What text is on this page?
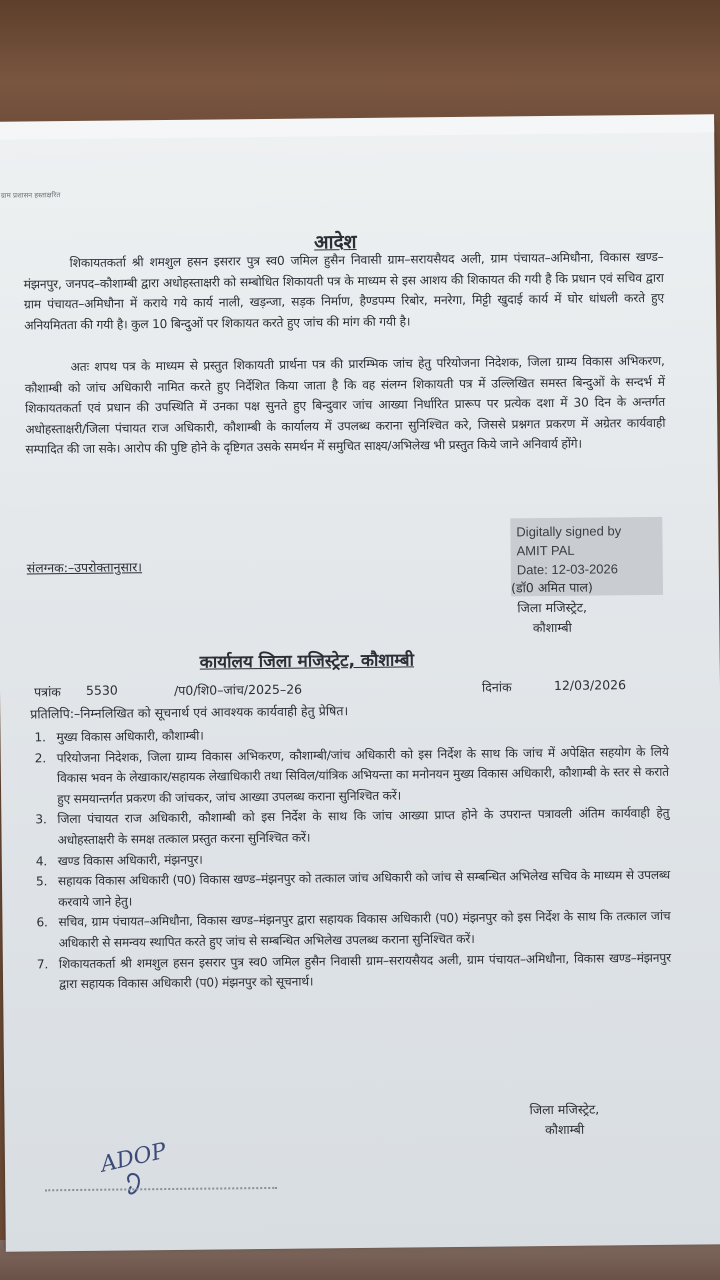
ग्राम प्रशासन हस्ताक्षरित
आदेश
शिकायतकर्ता श्री शमशुल हसन इसरार पुत्र स्व0 जमिल हुसैन निवासी ग्राम–सरायसैयद अली, ग्राम पंचायत–अमिधौना, विकास खण्ड–मंझनपुर, जनपद–कौशाम्बी द्वारा अधोहस्ताक्षरी को सम्बोधित शिकायती पत्र के माध्यम से इस आशय की शिकायत की गयी है कि प्रधान एवं सचिव द्वारा ग्राम पंचायत–अमिधौना में कराये गये कार्य नाली, खड़न्जा, सड़क निर्माण, हैण्डपम्प रिबोर, मनरेगा, मिट्टी खुदाई कार्य में घोर धांधली करते हुए अनियमितता की गयी है। कुल 10 बिन्दुओं पर शिकायत करते हुए जांच की मांग की गयी है।
अतः शपथ पत्र के माध्यम से प्रस्तुत शिकायती प्रार्थना पत्र की प्रारम्भिक जांच हेतु परियोजना निदेशक, जिला ग्राम्य विकास अभिकरण, कौशाम्बी को जांच अधिकारी नामित करते हुए निर्देशित किया जाता है कि वह संलग्न शिकायती पत्र में उल्लिखित समस्त बिन्दुओं के सन्दर्भ में शिकायतकर्ता एवं प्रधान की उपस्थिति में उनका पक्ष सुनते हुए बिन्दुवार जांच आख्या निर्धारित प्रारूप पर प्रत्येक दशा में 30 दिन के अन्तर्गत अधोहस्ताक्षरी/जिला पंचायत राज अधिकारी, कौशाम्बी के कार्यालय में उपलब्ध कराना सुनिश्चित करे, जिससे प्रश्नगत प्रकरण में अग्रेतर कार्यवाही सम्पादित की जा सके। आरोप की पुष्टि होने के दृष्टिगत उसके समर्थन में समुचित साक्ष्य/अभिलेख भी प्रस्तुत किये जाने अनिवार्य होंगे।
संलग्नक:–उपरोक्तानुसार।
Digitally signed by
AMIT PAL
Date: 12-03-2026
(डॉ0 अमित पाल)
जिला मजिस्ट्रेट,
कौशाम्बी
कार्यालय जिला मजिस्ट्रेट, कौशाम्बी
पत्रांक 5530	/प0/शि0–जांच/2025–26	दिनांक	12/03/2026
प्रतिलिपि:–निम्नलिखित को सूचनार्थ एवं आवश्यक कार्यवाही हेतु प्रेषित।
1. मुख्य विकास अधिकारी, कौशाम्बी।
2. परियोजना निदेशक, जिला ग्राम्य विकास अभिकरण, कौशाम्बी/जांच अधिकारी को इस निर्देश के साथ कि जांच में अपेक्षित सहयोग के लिये विकास भवन के लेखाकार/सहायक लेखाधिकारी तथा सिविल/यांत्रिक अभियन्ता का मनोनयन मुख्य विकास अधिकारी, कौशाम्बी के स्तर से कराते हुए समयान्तर्गत प्रकरण की जांचकर, जांच आख्या उपलब्ध कराना सुनिश्चित करें।
3. जिला पंचायत राज अधिकारी, कौशाम्बी को इस निर्देश के साथ कि जांच आख्या प्राप्त होने के उपरान्त पत्रावली अंतिम कार्यवाही हेतु अधोहस्ताक्षरी के समक्ष तत्काल प्रस्तुत करना सुनिश्चित करें।
4. खण्ड विकास अधिकारी, मंझनपुर।
5. सहायक विकास अधिकारी (प0) विकास खण्ड–मंझनपुर को तत्काल जांच अधिकारी को जांच से सम्बन्धित अभिलेख सचिव के माध्यम से उपलब्ध करवाये जाने हेतु।
6. सचिव, ग्राम पंचायत–अमिधौना, विकास खण्ड–मंझनपुर द्वारा सहायक विकास अधिकारी (प0) मंझनपुर को इस निर्देश के साथ कि तत्काल जांच अधिकारी से समन्वय स्थापित करते हुए जांच से सम्बन्धित अभिलेख उपलब्ध कराना सुनिश्चित करें।
7. शिकायतकर्ता श्री शमशुल हसन इसरार पुत्र स्व0 जमिल हुसैन निवासी ग्राम–सरायसैयद अली, ग्राम पंचायत–अमिधौना, विकास खण्ड–मंझनपुर द्वारा सहायक विकास अधिकारी (प0) मंझनपुर को सूचनार्थ।
जिला मजिस्ट्रेट,
कौशाम्बी
ADOP
